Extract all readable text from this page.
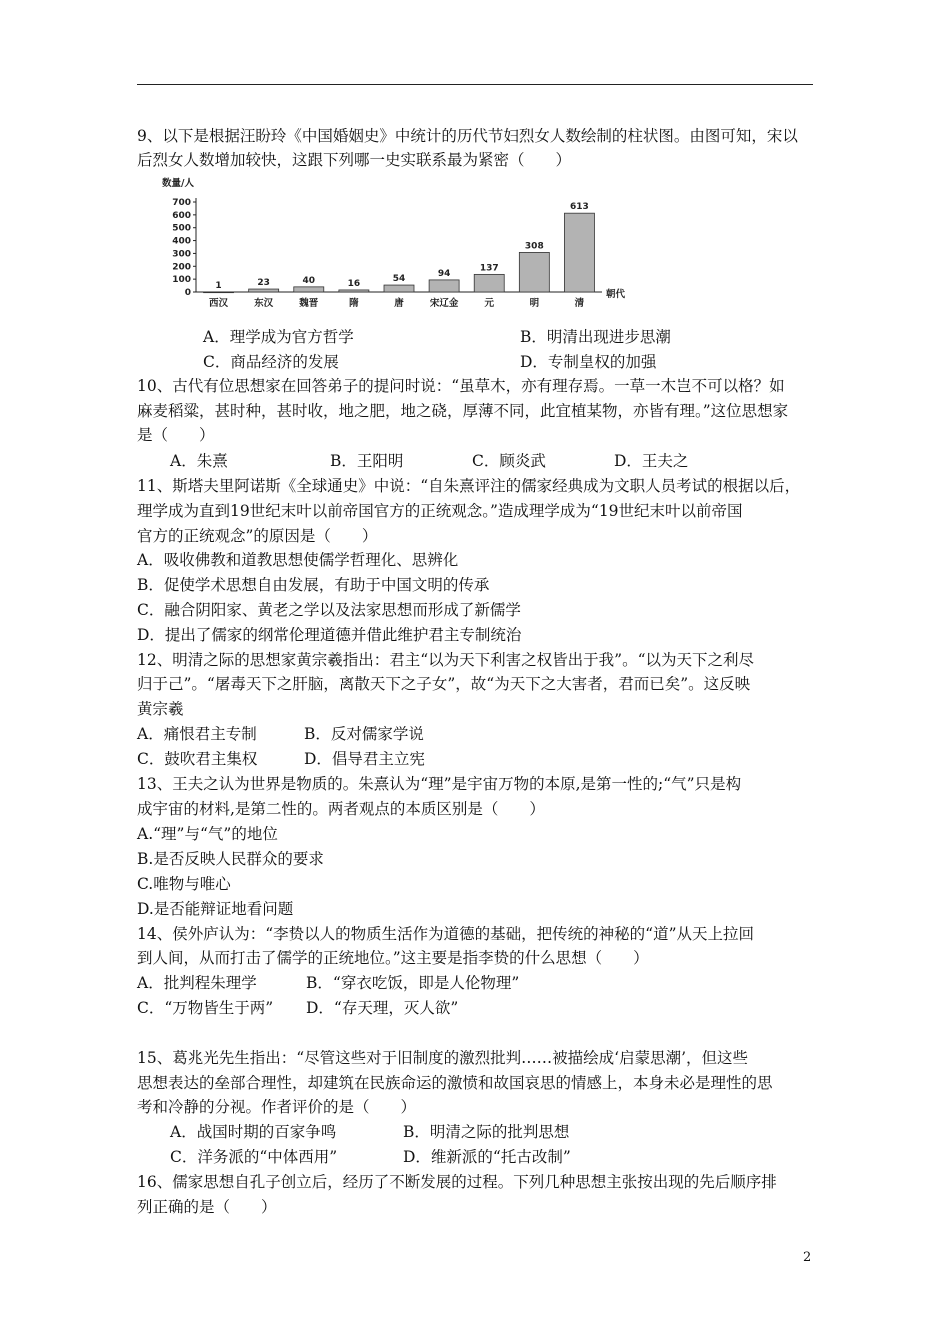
9、以下是根据汪盼玲《中国婚姻史》中统计的历代节妇烈女人数绘制的柱状图。由图可知，宋以
后烈女人数增加较快，这跟下列哪一史实联系最为紧密（　　）
0
100
200
300
400
500
600
700
数量/人
朝代
1
西汉
23
东汉
40
魏晋
16
隋
54
唐
94
宋辽金
137
元
308
明
613
清
A．理学成为官方哲学	B．明清出现进步思潮
C．商品经济的发展	D．专制皇权的加强
10、古代有位思想家在回答弟子的提问时说：“虽草木，亦有理存焉。一草一木岂不可以格？如
麻麦稻粱，甚时种，甚时收，地之肥，地之硗，厚薄不同，此宜植某物，亦皆有理。”这位思想家
是（　　）
A．朱熹	B．王阳明	C．顾炎武	D．王夫之
11、斯塔夫里阿诺斯《全球通史》中说：“自朱熹评注的儒家经典成为文职人员考试的根据以后，
理学成为直到19世纪末叶以前帝国官方的正统观念。”造成理学成为“19世纪末叶以前帝国
官方的正统观念”的原因是（　　）
A．吸收佛教和道教思想使儒学哲理化、思辨化
B．促使学术思想自由发展，有助于中国文明的传承
C．融合阴阳家、黄老之学以及法家思想而形成了新儒学
D．提出了儒家的纲常伦理道德并借此维护君主专制统治
12、明清之际的思想家黄宗羲指出：君主“以为天下利害之权皆出于我”。“以为天下之利尽
归于己”。“屠毒天下之肝脑，离散天下之子女”，故“为天下之大害者，君而已矣”。这反映
黄宗羲
A．痛恨君主专制	B．反对儒家学说
C．鼓吹君主集权	D．倡导君主立宪
13、王夫之认为世界是物质的。朱熹认为“理”是宇宙万物的本原,是第一性的;“气”只是构
成宇宙的材料,是第二性的。两者观点的本质区别是（　　）
A.“理”与“气”的地位
B.是否反映人民群众的要求
C.唯物与唯心
D.是否能辩证地看问题
14、侯外庐认为：“李贽以人的物质生活作为道德的基础，把传统的神秘的“道”从天上拉回
到人间，从而打击了儒学的正统地位。”这主要是指李贽的什么思想（　　）
A．批判程朱理学	B．“穿衣吃饭，即是人伦物理”
C．“万物皆生于两” D．“存天理，灭人欲”
15、葛兆光先生指出：“尽管这些对于旧制度的激烈批判……被描绘成‘启蒙思潮’，但这些
思想表达的垒部合理性，却建筑在民族命运的激愤和故国哀思的情感上，本身未必是理性的思
考和冷静的分视。作者评价的是（　　）
A．战国时期的百家争鸣	B．明清之际的批判思想
C．洋务派的“中体西用”	D．维新派的“托古改制”
16、儒家思想自孔子创立后，经历了不断发展的过程。下列几种思想主张按出现的先后顺序排
列正确的是（　　）
2
